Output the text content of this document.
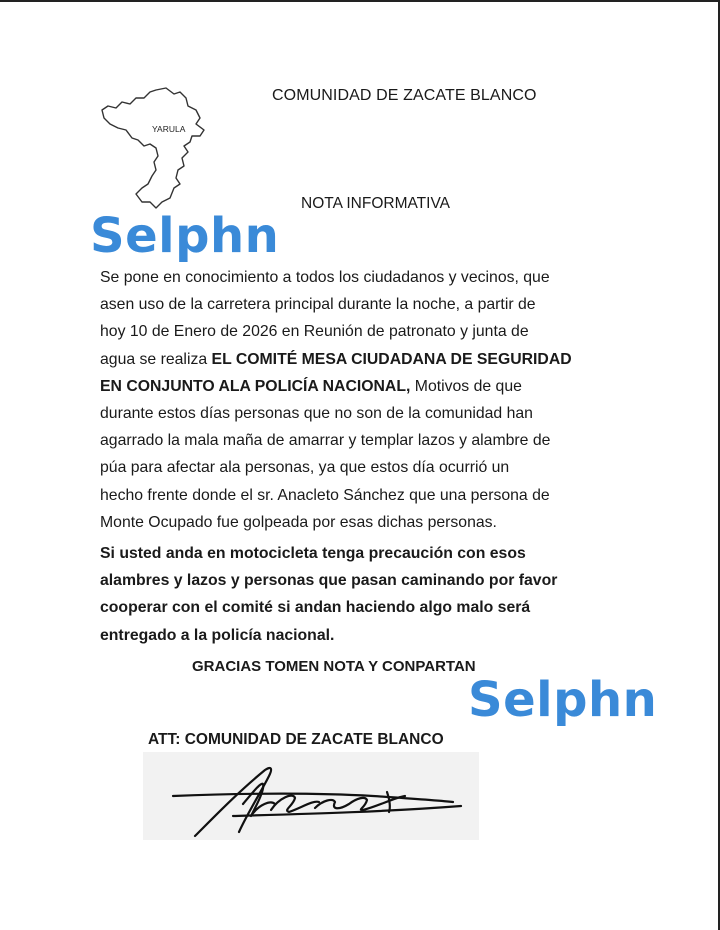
YARULA
COMUNIDAD DE ZACATE BLANCO
NOTA INFORMATIVA
Se pone en conocimiento a todos los ciudadanos y vecinos, que
asen uso de la carretera principal durante la noche, a partir de
hoy 10 de Enero de 2026 en Reunión de patronato y junta de
agua se realiza EL COMITÉ MESA CIUDADANA DE SEGURIDAD
EN CONJUNTO ALA POLICÍA NACIONAL, Motivos de que
durante estos días personas que no son de la comunidad han
agarrado la mala maña de amarrar y templar lazos y alambre de
púa para afectar ala personas, ya que estos día ocurrió un
hecho frente donde el sr. Anacleto Sánchez que una persona de
Monte Ocupado fue golpeada por esas dichas personas.
Si usted anda en motocicleta tenga precaución con esos
alambres y lazos y personas que pasan caminando por favor
cooperar con el comité si andan haciendo algo malo será
entregado a la policía nacional.
GRACIAS TOMEN NOTA Y CONPARTAN
Selphn
Selphn
ATT: COMUNIDAD DE ZACATE BLANCO
